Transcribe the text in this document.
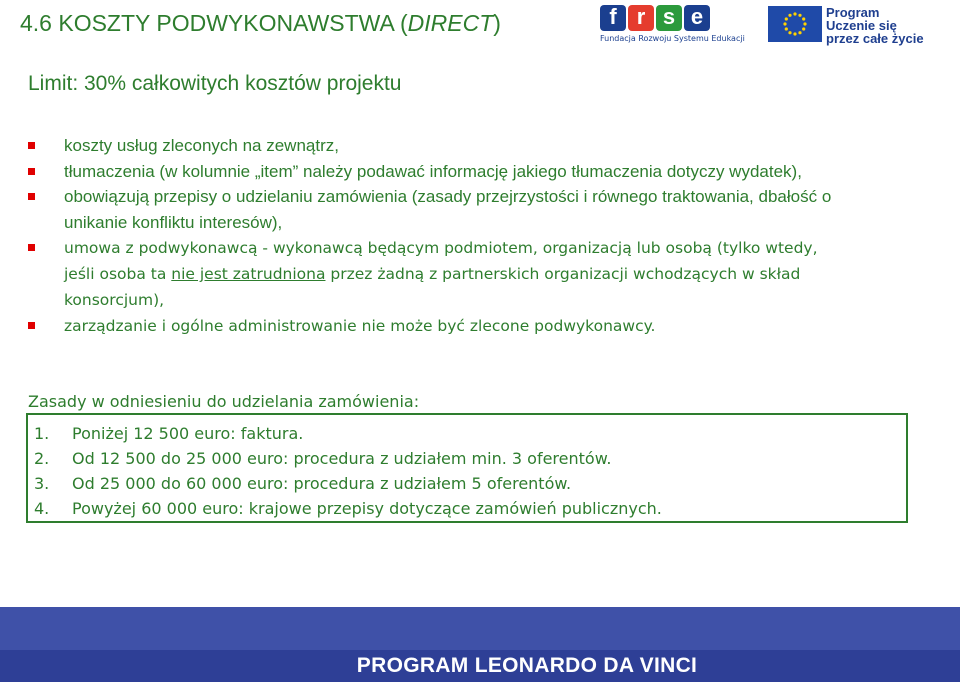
4.6 KOSZTY PODWYKONAWSTWA (DIRECT)	f r s e
Fundacja Rozwoju Systemu Edukacji
Program
Uczenie się
przez całe życie
Limit: 30% całkowitych kosztów projektu
koszty usług zleconych na zewnątrz,
tłumaczenia (w kolumnie „item” należy podawać informację jakiego tłumaczenia dotyczy wydatek),
obowiązują przepisy o udzielaniu zamówienia (zasady przejrzystości i równego traktowania, dbałość o unikanie konfliktu interesów),
umowa z podwykonawcą - wykonawcą będącym podmiotem, organizacją lub osobą (tylko wtedy, jeśli osoba ta nie jest zatrudniona przez żadną z partnerskich organizacji wchodzących w skład konsorcjum),
zarządzanie i ogólne administrowanie nie może być zlecone podwykonawcy.
Zasady w odniesieniu do udzielania zamówienia:
1.	Poniżej 12 500 euro: faktura.
2.	Od 12 500 do 25 000 euro: procedura z udziałem min. 3 oferentów.
3.	Od 25 000 do 60 000 euro: procedura z udziałem 5 oferentów.
4.	Powyżej 60 000 euro: krajowe przepisy dotyczące zamówień publicznych.
PROGRAM LEONARDO DA VINCI
